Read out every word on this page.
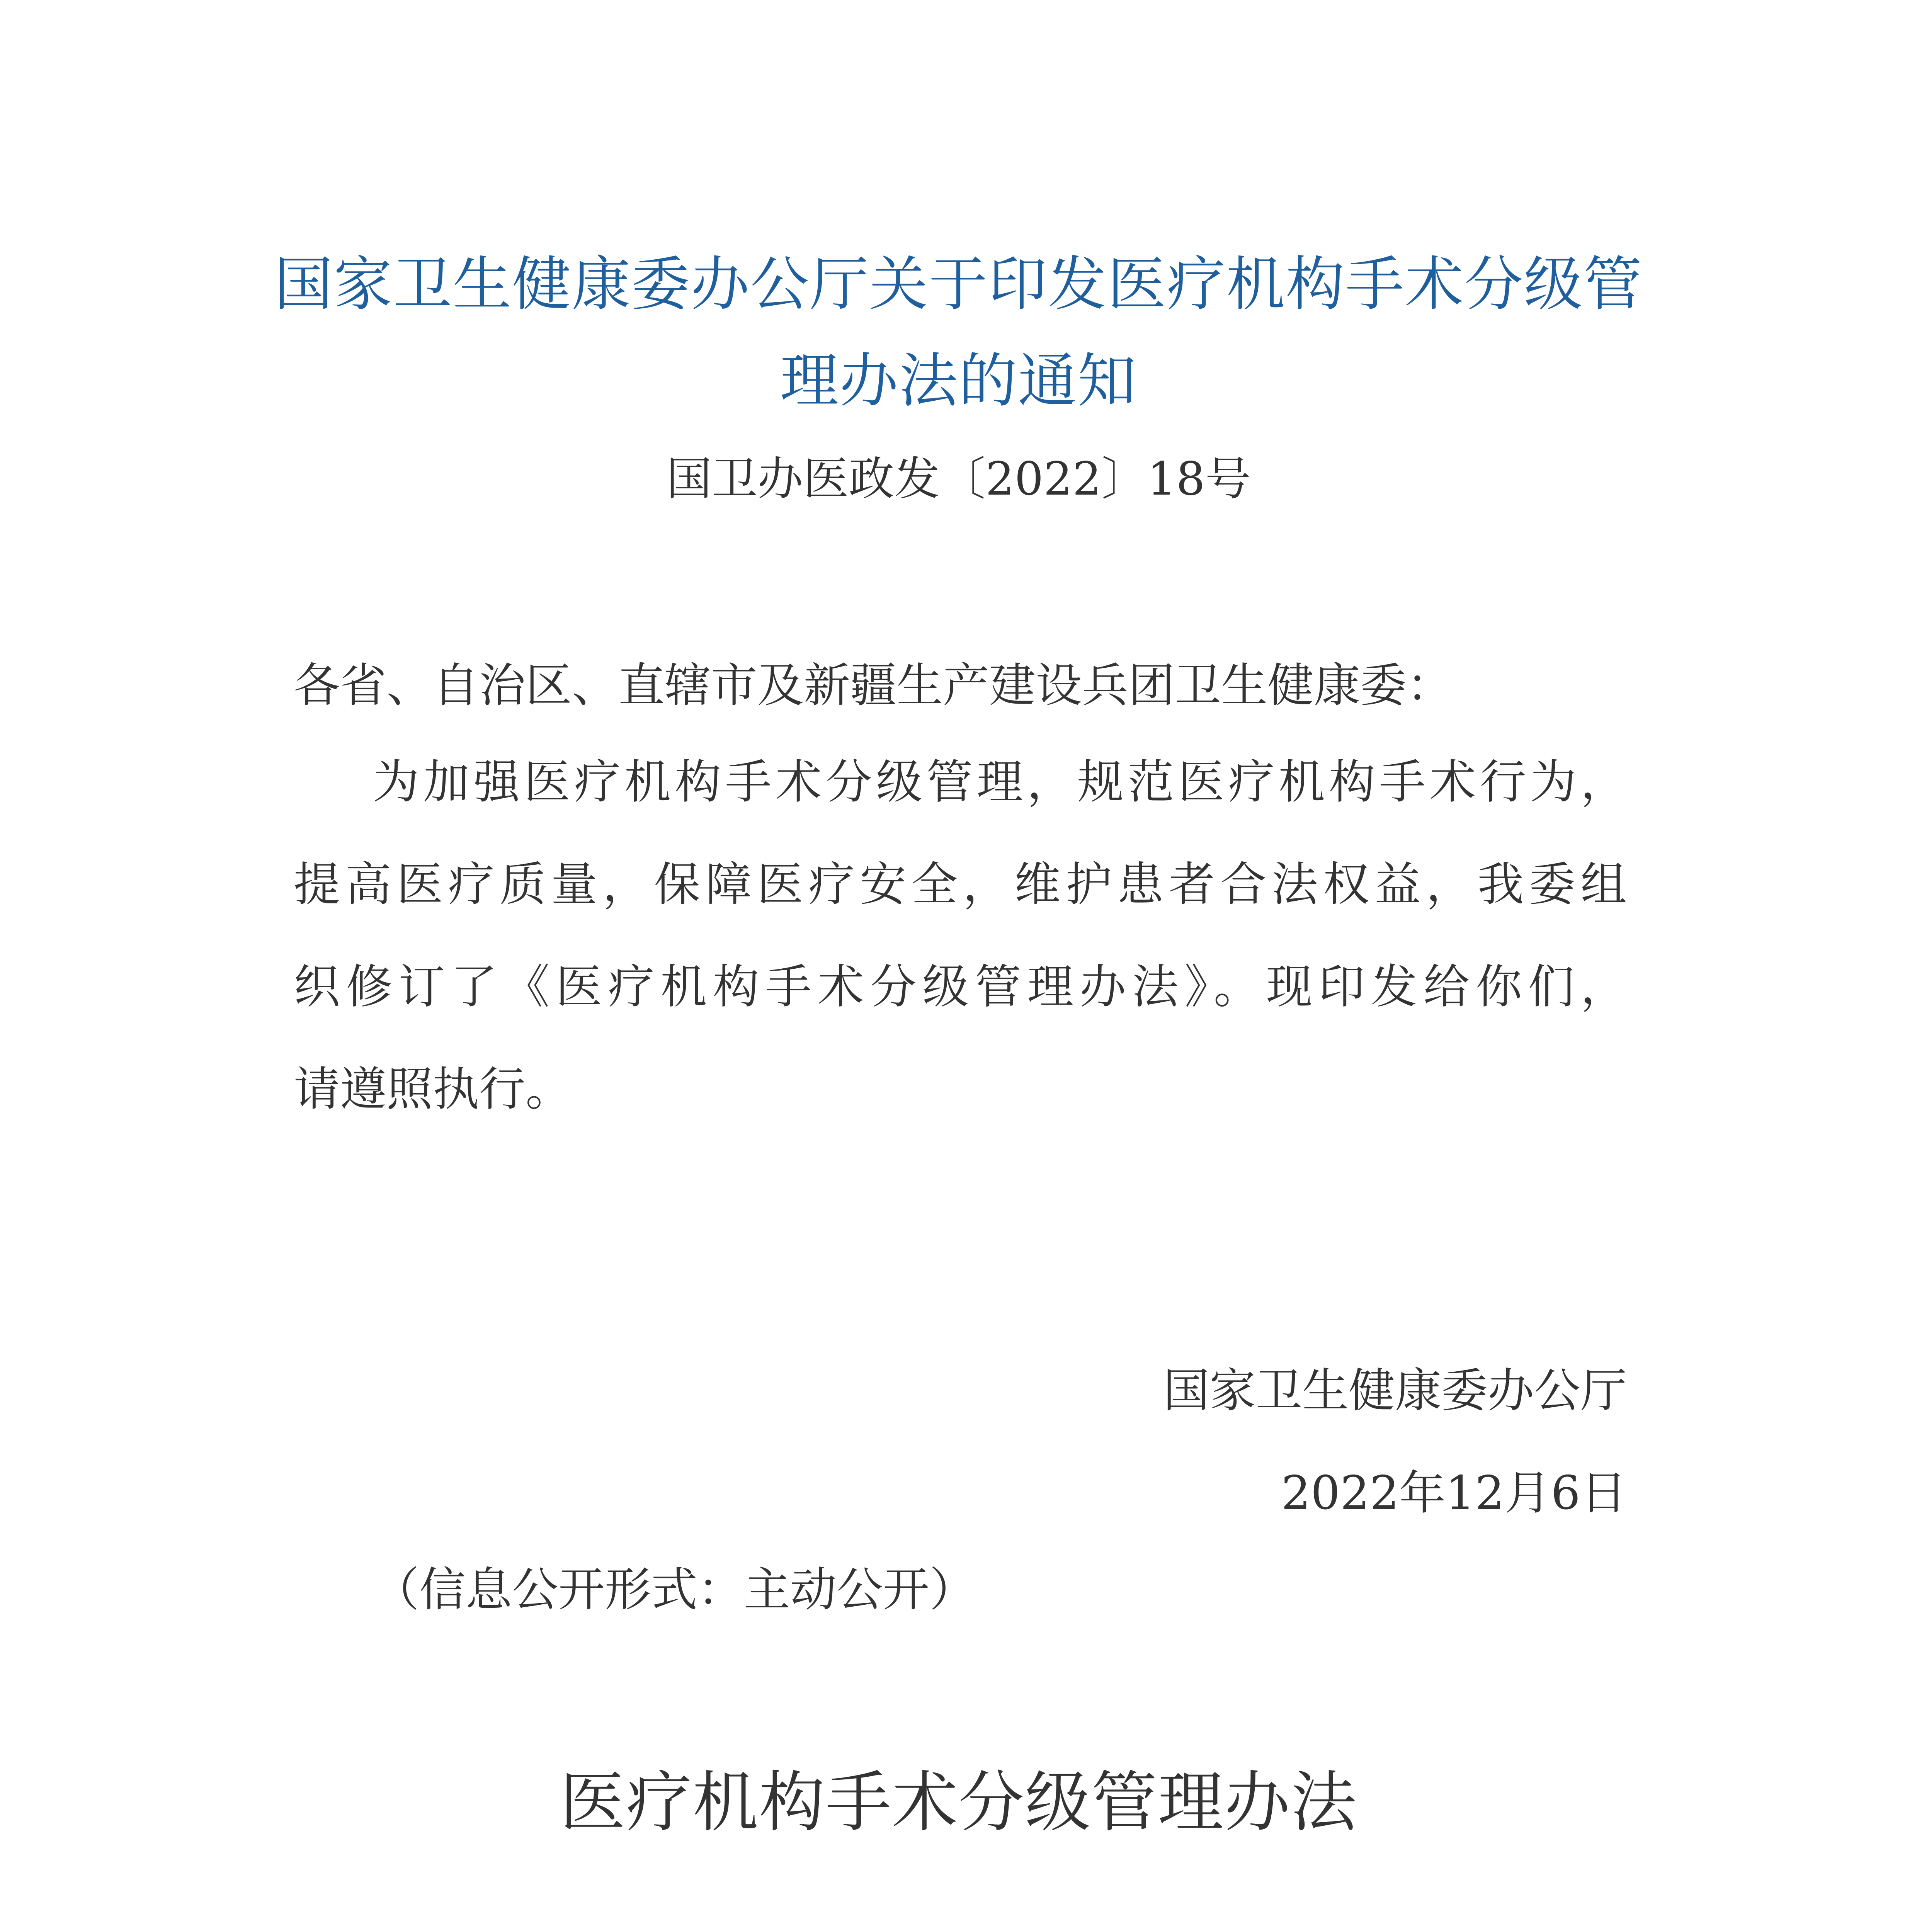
国家卫生健康委办公厅关于印发医疗机构手术分级管
理办法的通知
国卫办医政发〔2022〕18号
各省、自治区、直辖市及新疆生产建设兵团卫生健康委：
为加强医疗机构手术分级管理，规范医疗机构手术行为，
提高医疗质量，保障医疗安全，维护患者合法权益，我委组
织修订了《医疗机构手术分级管理办法》。现印发给你们，
请遵照执行。
国家卫生健康委办公厅
2022年12月6日
（信息公开形式：主动公开）
医疗机构手术分级管理办法
